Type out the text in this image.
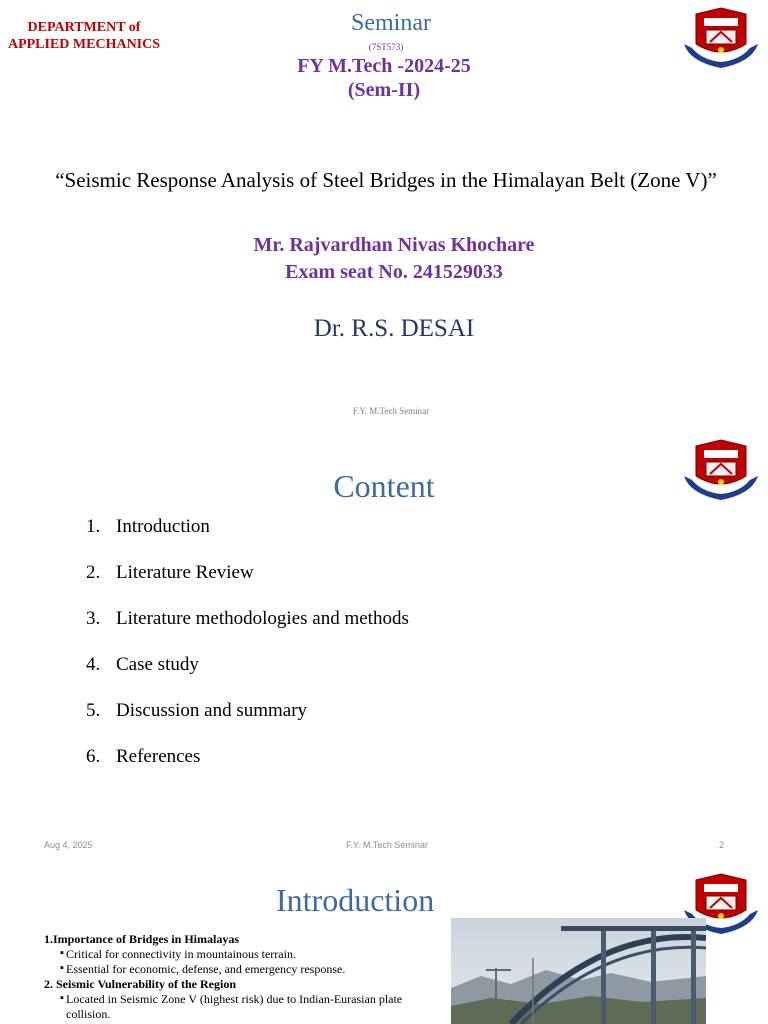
DEPARTMENT of APPLIED MECHANICS
Seminar
(7ST573)
FY M.Tech -2024-25
(Sem-II)
“Seismic Response Analysis of Steel Bridges in the Himalayan Belt (Zone V)”
Mr. Rajvardhan Nivas Khochare
Exam seat No. 241529033
Dr. R.S. DESAI
F.Y. M.Tech Seminar
Content
1. Introduction
2. Literature Review
3. Literature methodologies and methods
4. Case study
5. Discussion and summary
6. References
Aug 4, 2025	F.Y. M.Tech Seminar	2
Introduction
1.Importance of Bridges in Himalayas
▪ Critical for connectivity in mountainous terrain.
▪ Essential for economic, defense, and emergency response.
2. Seismic Vulnerability of the Region
▪ Located in Seismic Zone V (highest risk) due to Indian-Eurasian plate collision.
